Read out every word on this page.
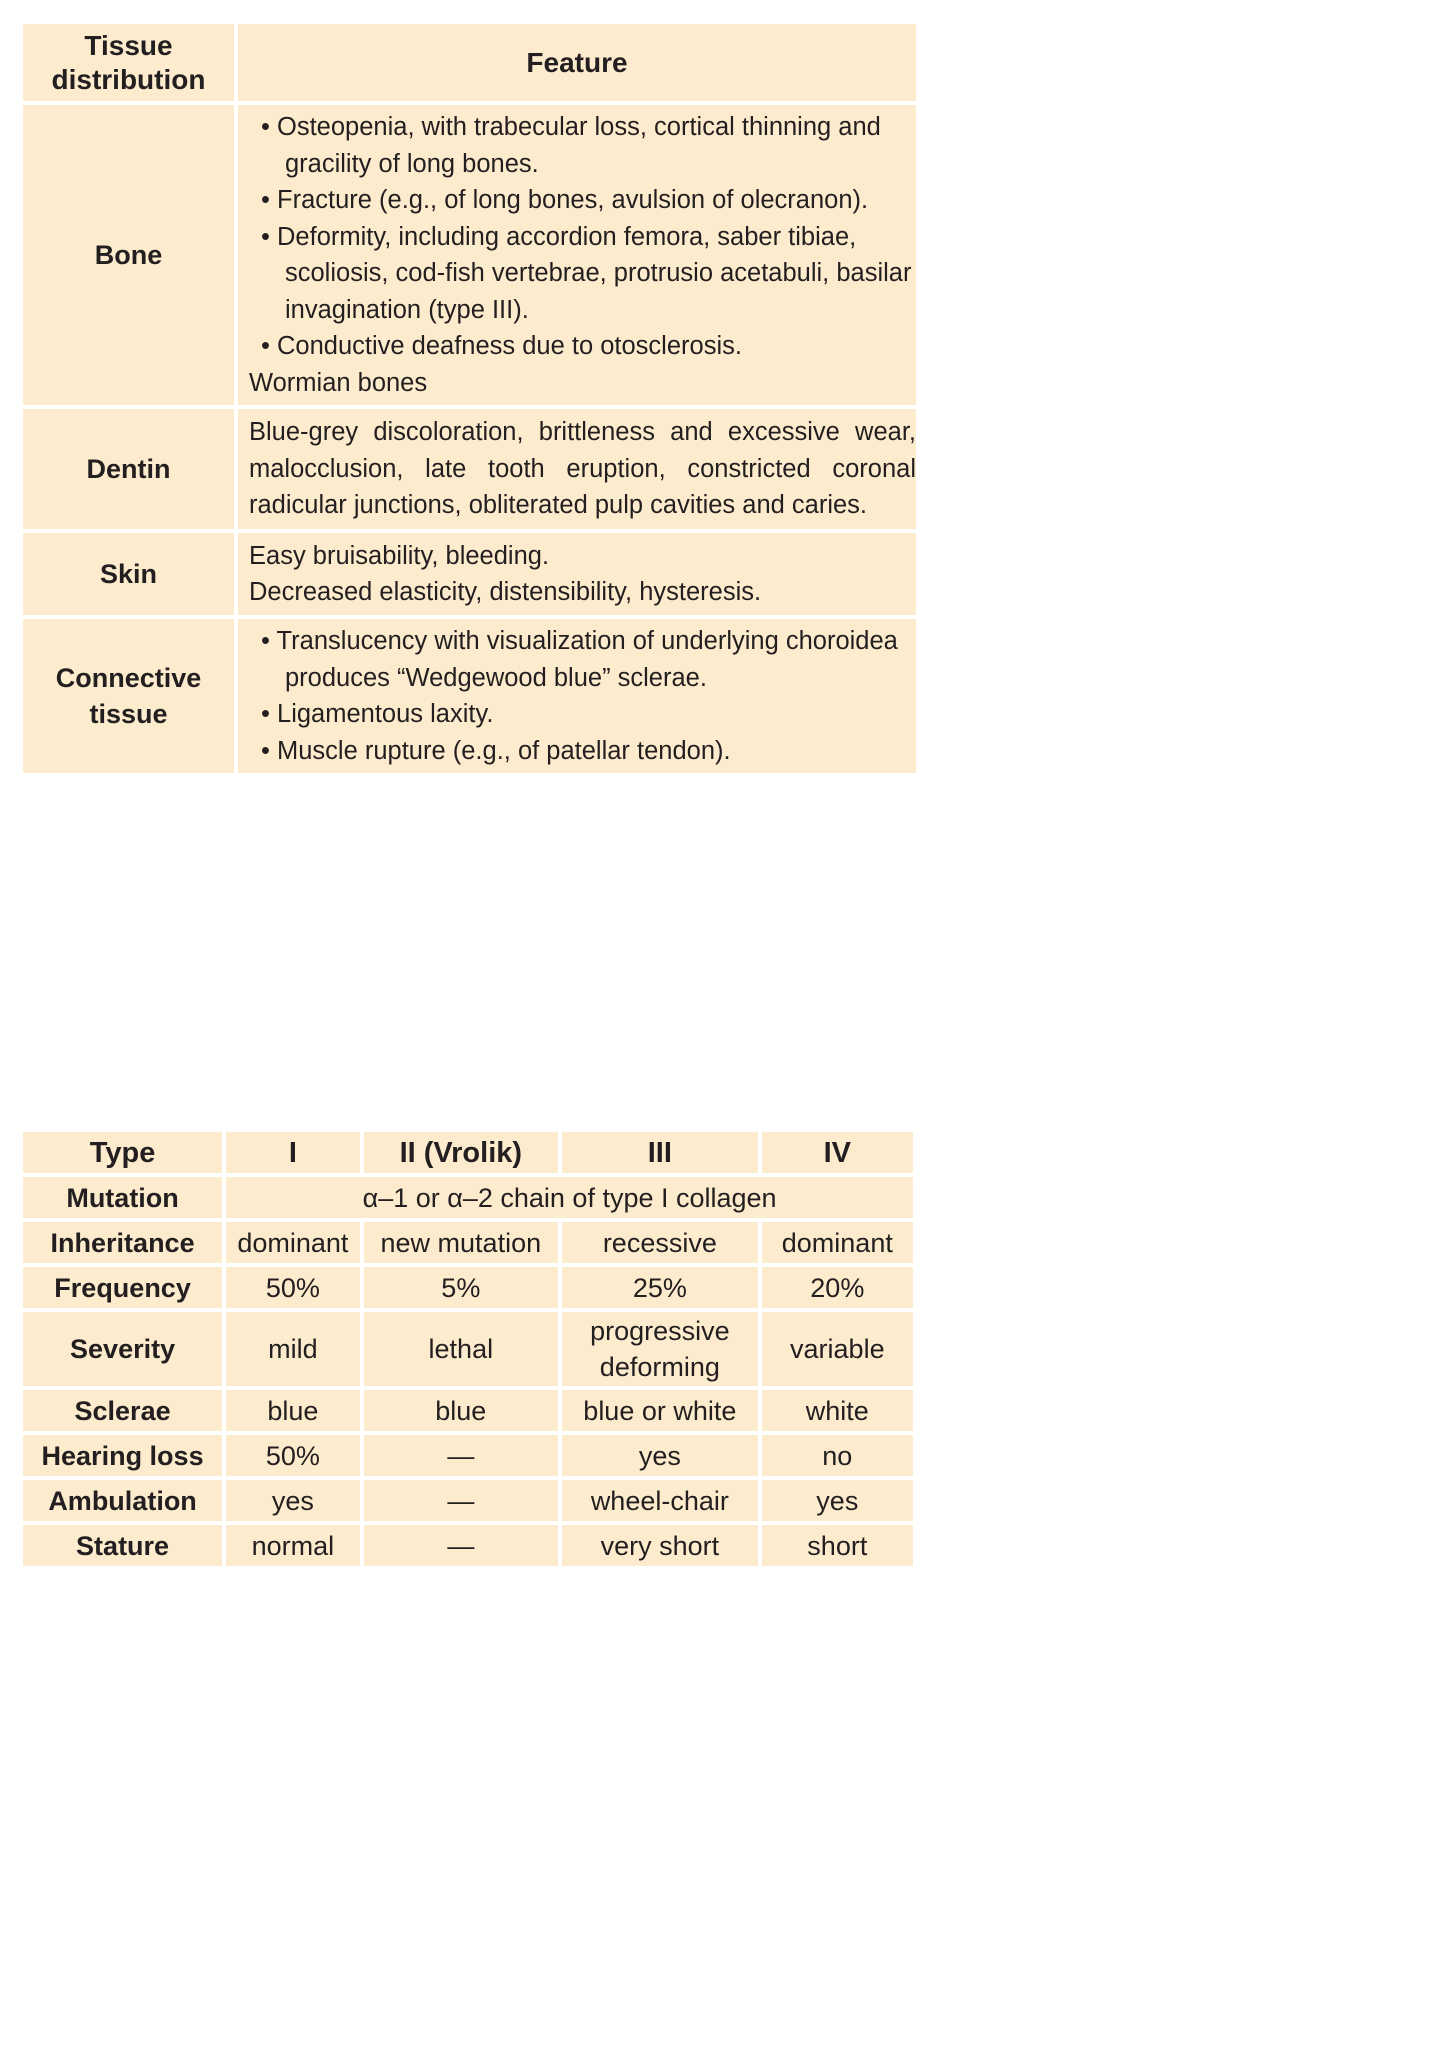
Tissue distribution	Feature
Bone	• Osteopenia, with trabecular loss, cortical thinning and gracility of long bones.
• Fracture (e.g., of long bones, avulsion of olecranon).
• Deformity, including accordion femora, saber tibiae, scoliosis, cod-fish vertebrae, protrusio acetabuli, basilar invagination (type III).
• Conductive deafness due to otosclerosis.
Wormian bones

Dentin	Blue-grey discoloration, brittleness and excessive wear, malocclusion, late tooth eruption, constricted coronal radicular junctions, obliterated pulp cavities and caries.

Skin	Easy bruisability, bleeding.
Decreased elasticity, distensibility, hysteresis.

Connective tissue	• Translucency with visualization of underlying choroidea produces “Wedgewood blue” sclerae.
• Ligamentous laxity.
• Muscle rupture (e.g., of patellar tendon).
Type	I	II (Vrolik)	III	IV
Mutation	α–1 or α–2 chain of type I collagen			
Inheritance	dominant	new mutation	recessive	dominant
Frequency	50%	5%	25%	20%
Severity	mild	lethal	progressive deforming	variable
Sclerae	blue	blue	blue or white	white
Hearing loss	50%	—	yes	no
Ambulation	yes	—	wheel-chair	yes
Stature	normal	—	very short	short
